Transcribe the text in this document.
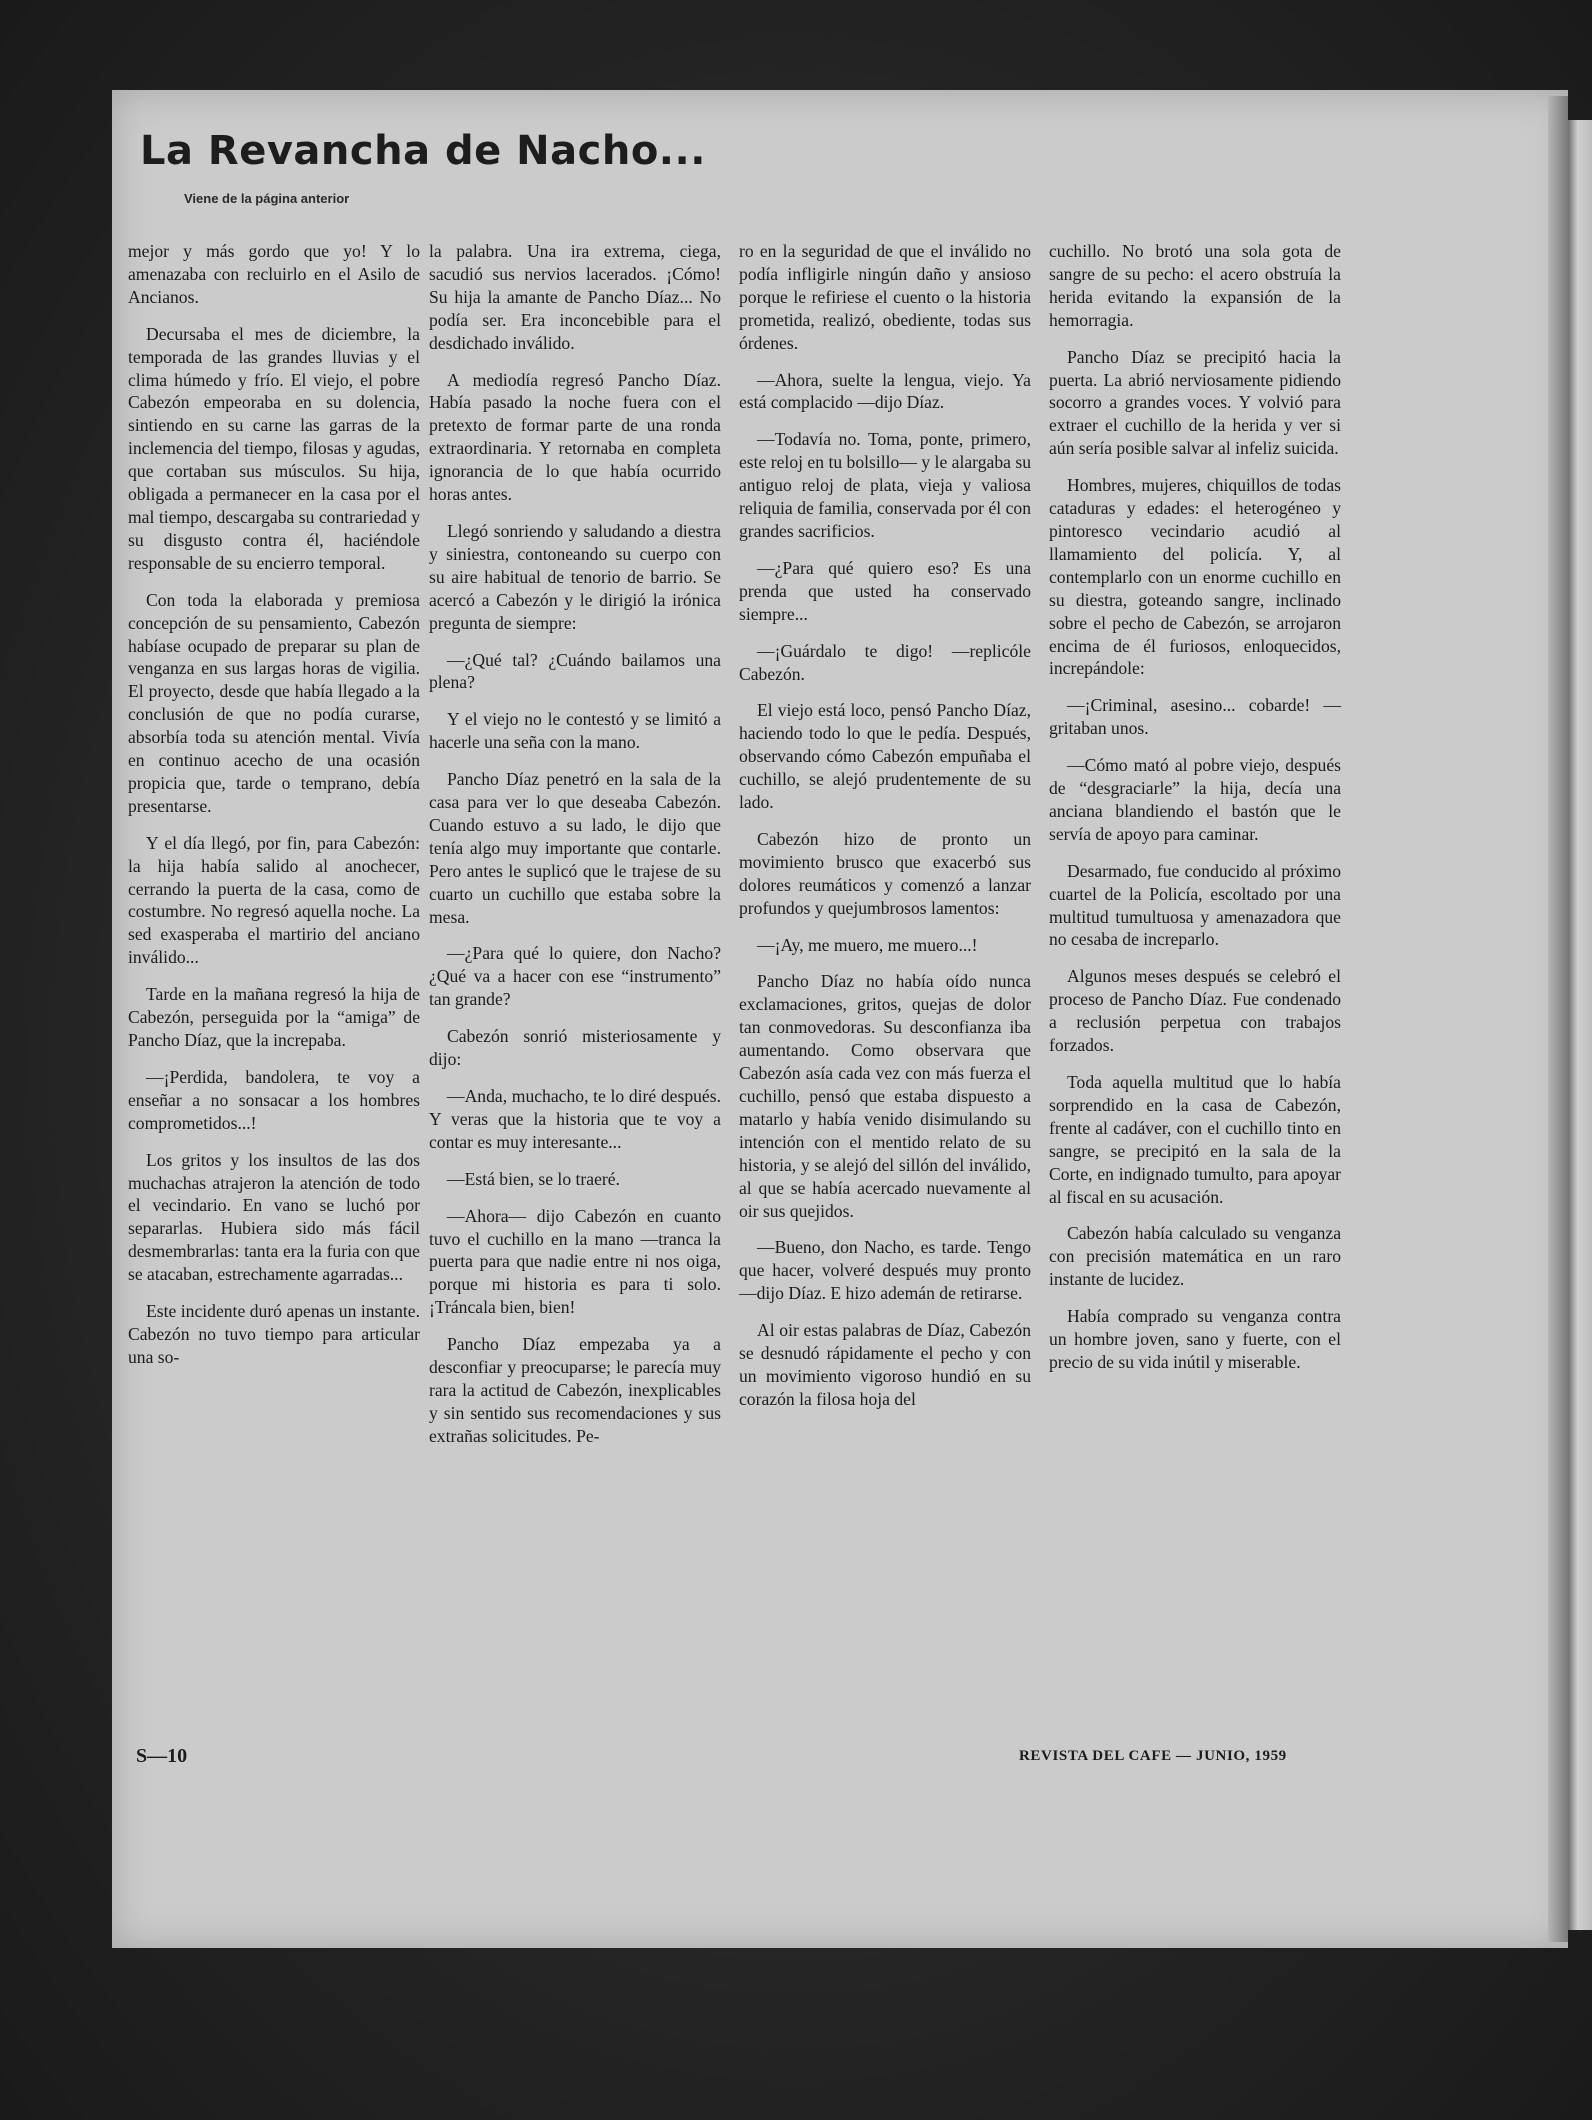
La Revancha de Nacho...
Viene de la página anterior

mejor y más gordo que yo! Y lo amenazaba con recluirlo en el Asilo de Ancianos.

Decursaba el mes de diciembre, la temporada de las grandes lluvias y el clima húmedo y frío. El viejo, el pobre Cabezón empeoraba en su dolencia, sintiendo en su carne las garras de la inclemencia del tiempo, filosas y agudas, que cortaban sus músculos. Su hija, obligada a permanecer en la casa por el mal tiempo, descargaba su contrariedad y su disgusto contra él, haciéndole responsable de su encierro temporal.

Con toda la elaborada y premiosa concepción de su pensamiento, Cabezón habíase ocupado de preparar su plan de venganza en sus largas horas de vigilia. El proyecto, desde que había llegado a la conclusión de que no podía curarse, absorbía toda su atención mental. Vivía en continuo acecho de una ocasión propicia que, tarde o temprano, debía presentarse.

Y el día llegó, por fin, para Cabezón: la hija había salido al anochecer, cerrando la puerta de la casa, como de costumbre. No regresó aquella noche. La sed exasperaba el martirio del anciano inválido...

Tarde en la mañana regresó la hija de Cabezón, perseguida por la “amiga” de Pancho Díaz, que la increpaba.

—¡Perdida, bandolera, te voy a enseñar a no sonsacar a los hombres comprometidos...!

Los gritos y los insultos de las dos muchachas atrajeron la atención de todo el vecindario. En vano se luchó por separarlas. Hubiera sido más fácil desmembrarlas: tanta era la furia con que se atacaban, estrechamente agarradas...

Este incidente duró apenas un instante. Cabezón no tuvo tiempo para articular una so-

la palabra. Una ira extrema, ciega, sacudió sus nervios lacerados. ¡Cómo! Su hija la amante de Pancho Díaz... No podía ser. Era inconcebible para el desdichado inválido.

A mediodía regresó Pancho Díaz. Había pasado la noche fuera con el pretexto de formar parte de una ronda extraordinaria. Y retornaba en completa ignorancia de lo que había ocurrido horas antes.

Llegó sonriendo y saludando a diestra y siniestra, contoneando su cuerpo con su aire habitual de tenorio de barrio. Se acercó a Cabezón y le dirigió la irónica pregunta de siempre:

—¿Qué tal? ¿Cuándo bailamos una plena?

Y el viejo no le contestó y se limitó a hacerle una seña con la mano.

Pancho Díaz penetró en la sala de la casa para ver lo que deseaba Cabezón. Cuando estuvo a su lado, le dijo que tenía algo muy importante que contarle. Pero antes le suplicó que le trajese de su cuarto un cuchillo que estaba sobre la mesa.

—¿Para qué lo quiere, don Nacho? ¿Qué va a hacer con ese “instrumento” tan grande?

Cabezón sonrió misteriosamente y dijo:

—Anda, muchacho, te lo diré después. Y veras que la historia que te voy a contar es muy interesante...

—Está bien, se lo traeré.

—Ahora— dijo Cabezón en cuanto tuvo el cuchillo en la mano —tranca la puerta para que nadie entre ni nos oiga, porque mi historia es para ti solo. ¡Tráncala bien, bien!

Pancho Díaz empezaba ya a desconfiar y preocuparse; le parecía muy rara la actitud de Cabezón, inexplicables y sin sentido sus recomendaciones y sus extrañas solicitudes. Pe-

ro en la seguridad de que el inválido no podía infligirle ningún daño y ansioso porque le refiriese el cuento o la historia prometida, realizó, obediente, todas sus órdenes.

—Ahora, suelte la lengua, viejo. Ya está complacido —dijo Díaz.

—Todavía no. Toma, ponte, primero, este reloj en tu bolsillo— y le alargaba su antiguo reloj de plata, vieja y valiosa reliquia de familia, conservada por él con grandes sacrificios.

—¿Para qué quiero eso? Es una prenda que usted ha conservado siempre...

—¡Guárdalo te digo! —replicóle Cabezón.

El viejo está loco, pensó Pancho Díaz, haciendo todo lo que le pedía. Después, observando cómo Cabezón empuñaba el cuchillo, se alejó prudentemente de su lado.

Cabezón hizo de pronto un movimiento brusco que exacerbó sus dolores reumáticos y comenzó a lanzar profundos y quejumbrosos lamentos:

—¡Ay, me muero, me muero...!

Pancho Díaz no había oído nunca exclamaciones, gritos, quejas de dolor tan conmovedoras. Su desconfianza iba aumentando. Como observara que Cabezón asía cada vez con más fuerza el cuchillo, pensó que estaba dispuesto a matarlo y había venido disimulando su intención con el mentido relato de su historia, y se alejó del sillón del inválido, al que se había acercado nuevamente al oir sus quejidos.

—Bueno, don Nacho, es tarde. Tengo que hacer, volveré después muy pronto —dijo Díaz. E hizo ademán de retirarse.

Al oir estas palabras de Díaz, Cabezón se desnudó rápidamente el pecho y con un movimiento vigoroso hundió en su corazón la filosa hoja del

cuchillo. No brotó una sola gota de sangre de su pecho: el acero obstruía la herida evitando la expansión de la hemorragia.

Pancho Díaz se precipitó hacia la puerta. La abrió nerviosamente pidiendo socorro a grandes voces. Y volvió para extraer el cuchillo de la herida y ver si aún sería posible salvar al infeliz suicida.

Hombres, mujeres, chiquillos de todas cataduras y edades: el heterogéneo y pintoresco vecindario acudió al llamamiento del policía. Y, al contemplarlo con un enorme cuchillo en su diestra, goteando sangre, inclinado sobre el pecho de Cabezón, se arrojaron encima de él furiosos, enloquecidos, increpándole:

—¡Criminal, asesino... cobarde! —gritaban unos.

—Cómo mató al pobre viejo, después de “desgraciarle” la hija, decía una anciana blandiendo el bastón que le servía de apoyo para caminar.

Desarmado, fue conducido al próximo cuartel de la Policía, escoltado por una multitud tumultuosa y amenazadora que no cesaba de increparlo.

Algunos meses después se celebró el proceso de Pancho Díaz. Fue condenado a reclusión perpetua con trabajos forzados.

Toda aquella multitud que lo había sorprendido en la casa de Cabezón, frente al cadáver, con el cuchillo tinto en sangre, se precipitó en la sala de la Corte, en indignado tumulto, para apoyar al fiscal en su acusación.

Cabezón había calculado su venganza con precisión matemática en un raro instante de lucidez.

Había comprado su venganza contra un hombre joven, sano y fuerte, con el precio de su vida inútil y miserable.

S—10	REVISTA DEL CAFE — JUNIO, 1959
